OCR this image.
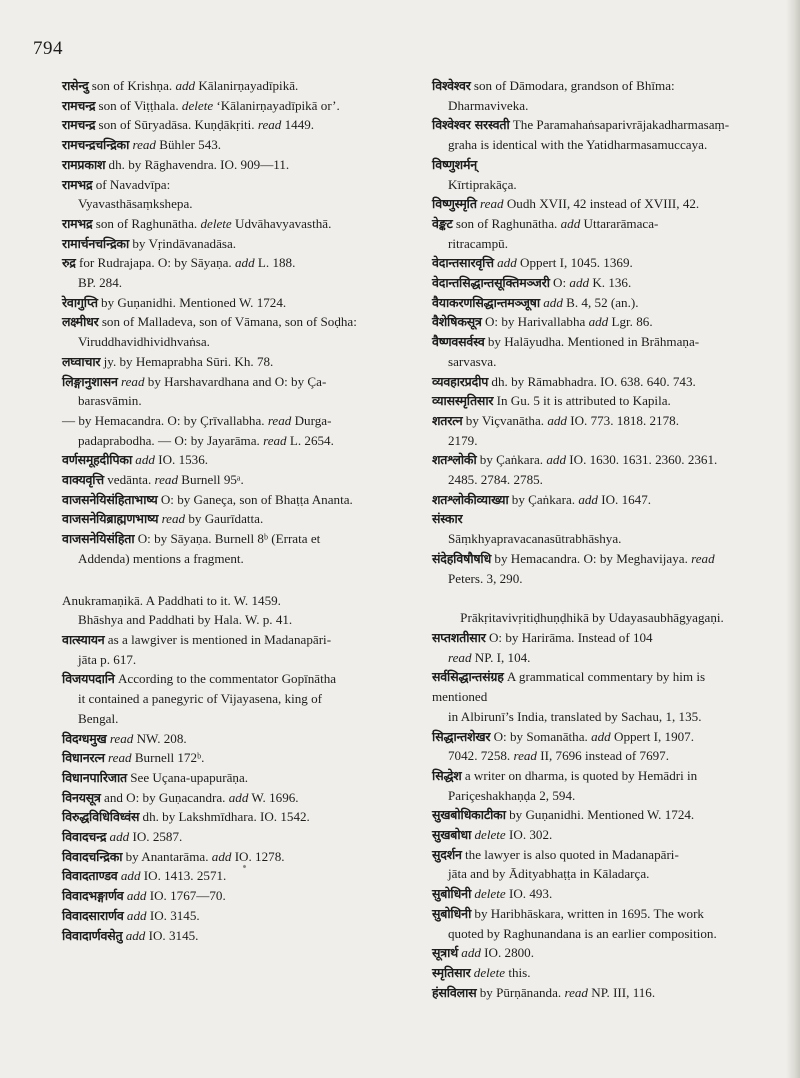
794

रासेन्दु son of Krishṇa. add Kālanirṇayadīpikā.

रामचन्द्र son of Viṭṭhala. delete ‘Kālanirṇayadīpikā or’.

रामचन्द्र son of Sūryadāsa. Kuṇḍākṛiti. read 1449.

रामचन्द्रचन्द्रिका read Bühler 543.

रामप्रकाश dh. by Rāghavendra. IO. 909—11.

रामभद्र of Navadvīpa:
Vyavasthāsaṃkshepa.

रामभद्र son of Raghunātha. delete Udvāhavyavasthā.

रामार्चनचन्द्रिका by Vṛindāvanadāsa.

रुद्र for Rudrajapa. O: by Sāyaṇa. add L. 188.
BP. 284.

रेवागुप्ति by Guṇanidhi. Mentioned W. 1724.

लक्ष्मीधर son of Malladeva, son of Vāmana, son of Soḍha:
Viruddhavidhividhvaṅsa.

लघ्वाचार jy. by Hemaprabha Sūri. Kh. 78.

लिङ्गानुशासन read by Harshavardhana and O: by Ça-
barasvāmin.

— by Hemacandra. O: by Çrīvallabha. read Durga-
padaprabodha. — O: by Jayarāma. read L. 2654.

वर्णसमूहदीपिका add IO. 1536.

वाक्यवृत्ति vedānta. read Burnell 95ᵃ.

वाजसनेयिसंहिताभाष्य O: by Ganeça, son of Bhaṭṭa Ananta.

वाजसनेयिब्राह्मणभाष्य read by Gaurīdatta.

वाजसनेयिसंहिता O: by Sāyaṇa. Burnell 8ᵇ (Errata et
Addenda) mentions a fragment.

Anukramaṇikā. A Paddhati to it. W. 1459.
Bhāshya and Paddhati by Hala. W. p. 41.

वात्स्यायन as a lawgiver is mentioned in Madanapāri-
jāta p. 617.

विजयपदानि According to the commentator Gopīnātha
it contained a panegyric of Vijayasena, king of
Bengal.

विदग्धमुख read NW. 208.

विधानरत्न read Burnell 172ᵇ.

विधानपारिजात See Uçana-upapurāṇa.

विनयसूत्र and O: by Guṇacandra. add W. 1696.

विरुद्धविधिविध्वंस dh. by Lakshmīdhara. IO. 1542.

विवादचन्द्र add IO. 2587.

विवादचन्द्रिका by Anantarāma. add IO. 1278.

विवादताण्डव add IO. 1413. 2571.

विवादभङ्गार्णव add IO. 1767—70.

विवादसारार्णव add IO. 3145.

विवादार्णवसेतु add IO. 3145.

विश्वेश्वर son of Dāmodara, grandson of Bhīma:
Dharmaviveka.

विश्वेश्वर सरस्वती The Paramahaṅsaparivrājakadharmasaṃ-
graha is identical with the Yatidharmasamuccaya.

विष्णुशर्मन्
Kīrtiprakāça.

विष्णुस्मृति read Oudh XVII, 42 instead of XVIII, 42.

वेङ्कट son of Raghunātha. add Uttararāmaca-
ritracampū.

वेदान्तसारवृत्ति add Oppert I, 1045. 1369.

वेदान्तसिद्धान्तसूक्तिमञ्जरी O: add K. 136.

वैयाकरणसिद्धान्तमञ्जूषा add B. 4, 52 (an.).

वैशेषिकसूत्र O: by Harivallabha add Lgr. 86.

वैष्णवसर्वस्व by Halāyudha. Mentioned in Brāhmaṇa-
sarvasva.

व्यवहारप्रदीप dh. by Rāmabhadra. IO. 638. 640. 743.

व्यासस्मृतिसार In Gu. 5 it is attributed to Kapila.

शतरत्न by Viçvanātha. add IO. 773. 1818. 2178.
2179.

शतश्लोकी by Çaṅkara. add IO. 1630. 1631. 2360. 2361.
2485. 2784. 2785.

शतश्लोकीव्याख्या by Çaṅkara. add IO. 1647.

संस्कार
Sāṃkhyapravacanasūtrabhāshya.

संदेहविषौषधि by Hemacandra. O: by Meghavijaya. read
Peters. 3, 290.

Prākṛitavivṛitiḍhuṇḍhikā by Udayasaubhāgyagaṇi.

सप्तशतीसार O: by Harirāma. Instead of 104
read NP. I, 104.

सर्वसिद्धान्तसंग्रह A grammatical commentary by him is mentioned
in Albirunī’s India, translated by Sachau, 1, 135.

सिद्धान्तशेखर O: by Somanātha. add Oppert I, 1907.
7042. 7258. read II, 7696 instead of 7697.

सिद्धेश a writer on dharma, is quoted by Hemādri in
Pariçeshakhaṇḍa 2, 594.

सुखबोधिकाटीका by Guṇanidhi. Mentioned W. 1724.

सुखबोधा delete IO. 302.

सुदर्शन the lawyer is also quoted in Madanapāri-
jāta and by Ādityabhaṭṭa in Kāladarça.

सुबोधिनी delete IO. 493.

सुबोधिनी by Haribhāskara, written in 1695. The work
quoted by Raghunandana is an earlier composition.

सूत्रार्थ add IO. 2800.

स्मृतिसार delete this.

हंसविलास by Pūrṇānanda. read NP. III, 116.
